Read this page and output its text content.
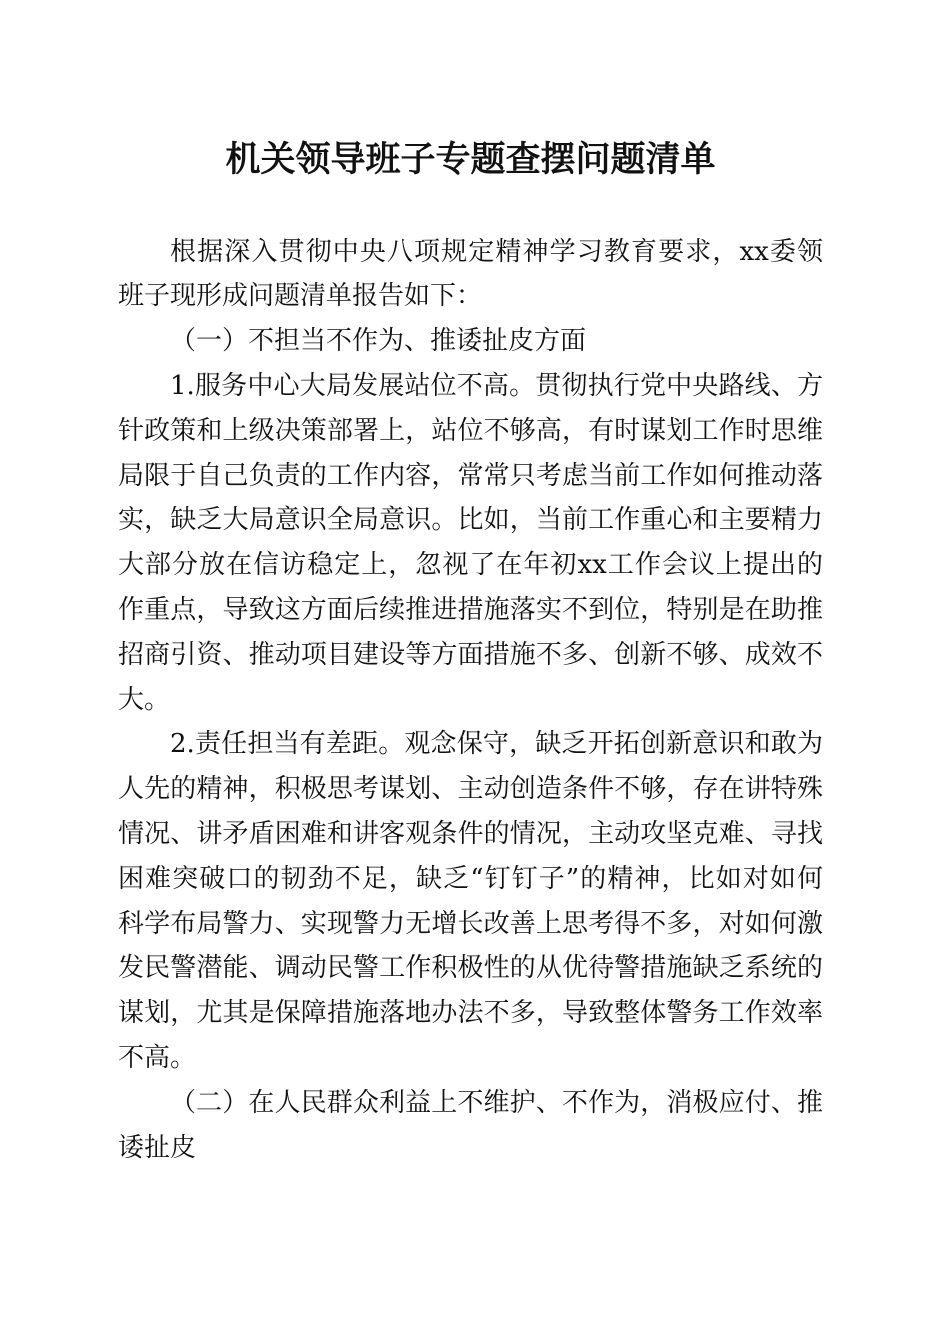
机关领导班子专题查摆问题清单
根据深入贯彻中央八项规定精神学习教育要求，xx委领
班子现形成问题清单报告如下：
（一）不担当不作为、推诿扯皮方面
1.服务中心大局发展站位不高。贯彻执行党中央路线、方
针政策和上级决策部署上，站位不够高，有时谋划工作时思维
局限于自己负责的工作内容，常常只考虑当前工作如何推动落
实，缺乏大局意识全局意识。比如，当前工作重心和主要精力
大部分放在信访稳定上，忽视了在年初xx工作会议上提出的
作重点，导致这方面后续推进措施落实不到位，特别是在助推
招商引资、推动项目建设等方面措施不多、创新不够、成效不
大。
2.责任担当有差距。观念保守，缺乏开拓创新意识和敢为
人先的精神，积极思考谋划、主动创造条件不够，存在讲特殊
情况、讲矛盾困难和讲客观条件的情况，主动攻坚克难、寻找
困难突破口的韧劲不足，缺乏“钉钉子”的精神，比如对如何
科学布局警力、实现警力无增长改善上思考得不多，对如何激
发民警潜能、调动民警工作积极性的从优待警措施缺乏系统的
谋划，尤其是保障措施落地办法不多，导致整体警务工作效率
不高。
（二）在人民群众利益上不维护、不作为，消极应付、推
诿扯皮
